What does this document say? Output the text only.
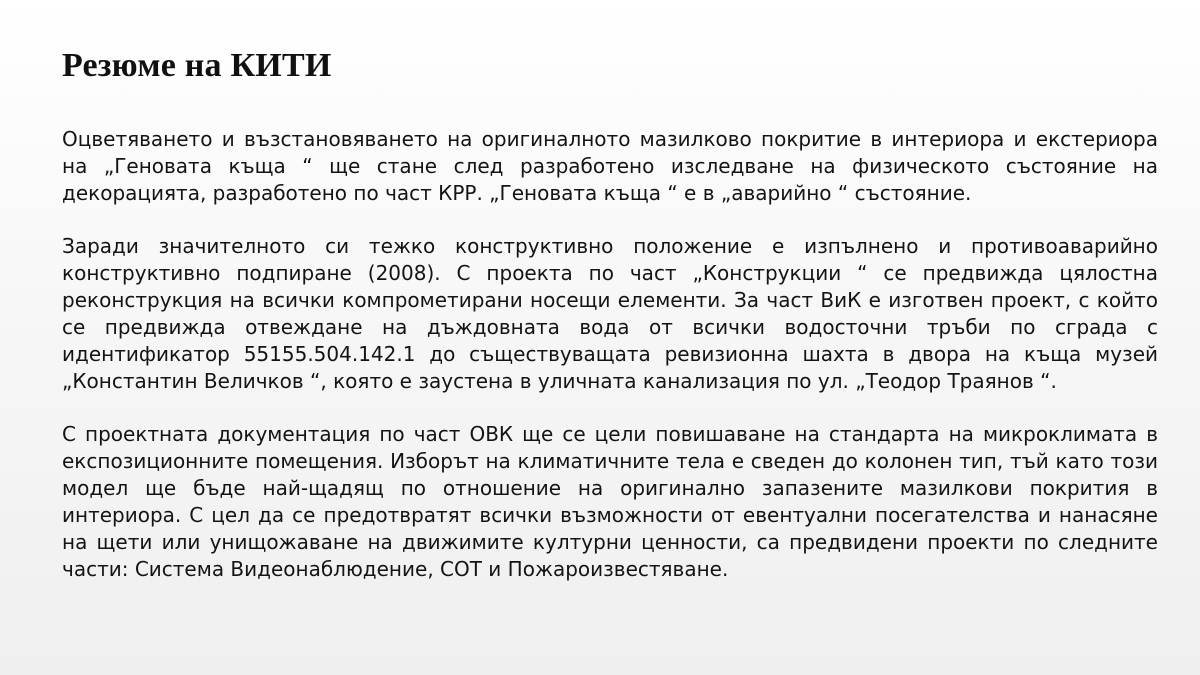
Резюме на КИТИ

Оцветяването и възстановяването на оригиналното мазилково покритие в интериора и екстериора на „Геновата къща “ ще стане след разработено изследване на физическото състояние на декорацията, разработено по част КРР. „Геновата къща “ е в „аварийно “ състояние.

Заради значителното си тежко конструктивно положение е изпълнено и противоаварийно конструктивно подпиране (2008). С проекта по част „Конструкции “ се предвижда цялостна реконструкция на всички компрометирани носещи елементи. За част ВиК е изготвен проект, с който се предвижда отвеждане на дъждовната вода от всички водосточни тръби по сграда с идентификатор 55155.504.142.1 до съществуващата ревизионна шахта в двора на къща музей „Константин Величков “, която е заустена в уличната канализация по ул. „Теодор Траянов “.

С проектната документация по част ОВК ще се цели повишаване на стандарта на микроклимата в експозиционните помещения. Изборът на климатичните тела е сведен до колонен тип, тъй като този модел ще бъде най-щадящ по отношение на оригинално запазените мазилкови покрития в интериора. С цел да се предотвратят всички възможности от евентуални посегателства и нанасяне на щети или унищожаване на движимите културни ценности, са предвидени проекти по следните части: Система Видеонаблюдение, СОТ и Пожароизвестяване.
